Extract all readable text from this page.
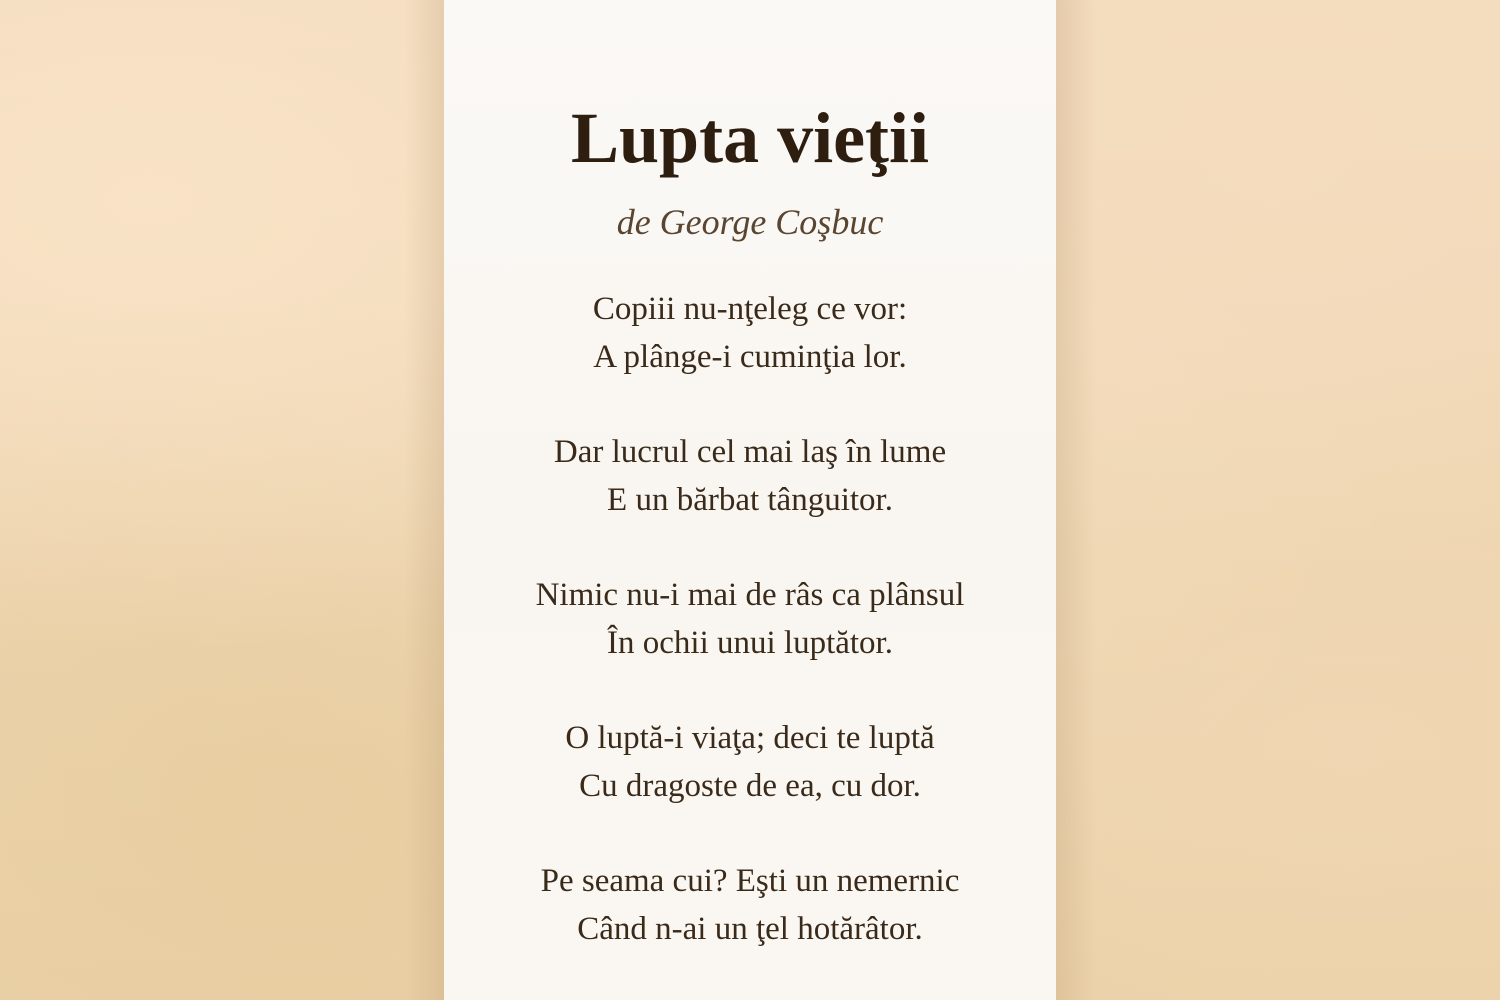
Lupta vieţii

de George Coşbuc

Copiii nu-nţeleg ce vor:
A plânge-i cuminţia lor.

Dar lucrul cel mai laş în lume
E un bărbat tânguitor.

Nimic nu-i mai de râs ca plânsul
În ochii unui luptător.

O luptă-i viaţa; deci te luptă
Cu dragoste de ea, cu dor.

Pe seama cui? Eşti un nemernic
Când n-ai un ţel hotărâtor.
